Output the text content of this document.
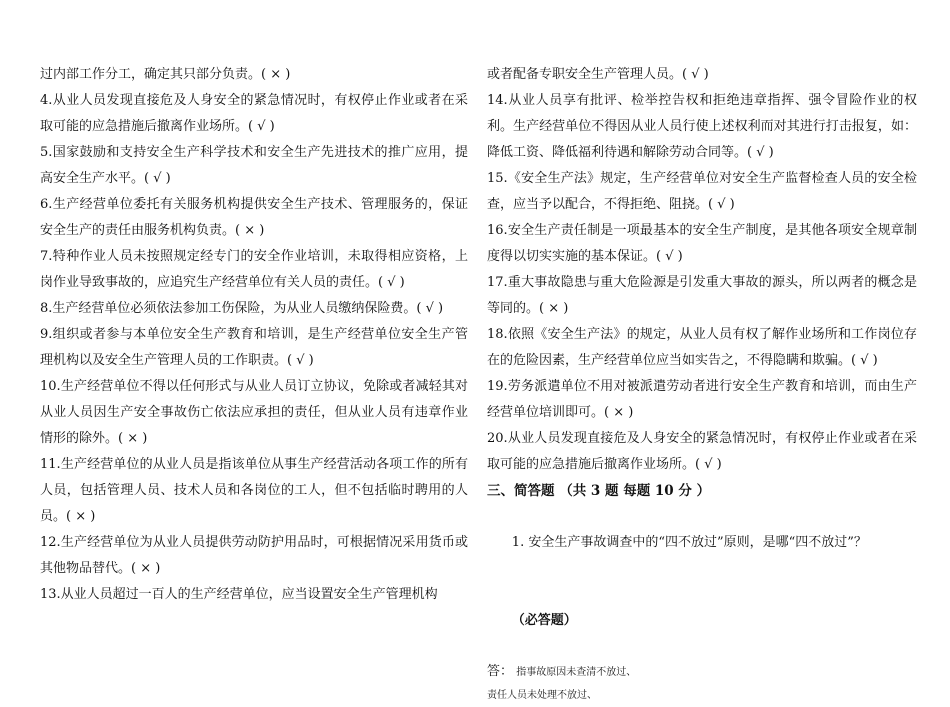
过内部工作分工，确定其只部分负责。( × )
4.从业人员发现直接危及人身安全的紧急情况时，有权停止作业或者在采取可能的应急措施后撤离作业场所。( √ )
5.国家鼓励和支持安全生产科学技术和安全生产先进技术的推广应用，提高安全生产水平。( √ )
6.生产经营单位委托有关服务机构提供安全生产技术、管理服务的，保证安全生产的责任由服务机构负责。( × )
7.特种作业人员未按照规定经专门的安全作业培训，未取得相应资格，上岗作业导致事故的，应追究生产经营单位有关人员的责任。( √ )
8.生产经营单位必须依法参加工伤保险，为从业人员缴纳保险费。( √ )
9.组织或者参与本单位安全生产教育和培训，是生产经营单位安全生产管理机构以及安全生产管理人员的工作职责。( √ )
10.生产经营单位不得以任何形式与从业人员订立协议，免除或者减轻其对从业人员因生产安全事故伤亡依法应承担的责任，但从业人员有违章作业情形的除外。( × )
11.生产经营单位的从业人员是指该单位从事生产经营活动各项工作的所有人员，包括管理人员、技术人员和各岗位的工人，但不包括临时聘用的人员。( × )
12.生产经营单位为从业人员提供劳动防护用品时，可根据情况采用货币或其他物品替代。( × )
13.从业人员超过一百人的生产经营单位，应当设置安全生产管理机构
或者配备专职安全生产管理人员。( √ )
14.从业人员享有批评、检举控告权和拒绝违章指挥、强令冒险作业的权利。生产经营单位不得因从业人员行使上述权利而对其进行打击报复，如：降低工资、降低福利待遇和解除劳动合同等。( √ )
15.《安全生产法》规定，生产经营单位对安全生产监督检查人员的安全检查，应当予以配合，不得拒绝、阻挠。( √ )
16.安全生产责任制是一项最基本的安全生产制度，是其他各项安全规章制度得以切实实施的基本保证。( √ )
17.重大事故隐患与重大危险源是引发重大事故的源头，所以两者的概念是等同的。( × )
18.依照《安全生产法》的规定，从业人员有权了解作业场所和工作岗位存在的危险因素，生产经营单位应当如实告之，不得隐瞒和欺骗。( √ )
19.劳务派遣单位不用对被派遣劳动者进行安全生产教育和培训，而由生产经营单位培训即可。( × )
20.从业人员发现直接危及人身安全的紧急情况时，有权停止作业或者在采取可能的应急措施后撤离作业场所。( √ )
三、简答题 （共 3 题 每题 10 分 ）

1. 安全生产事故调查中的“四不放过”原则，是哪“四不放过”？

（必答题）

答： 指事故原因未查清不放过、
责任人员未处理不放过、
